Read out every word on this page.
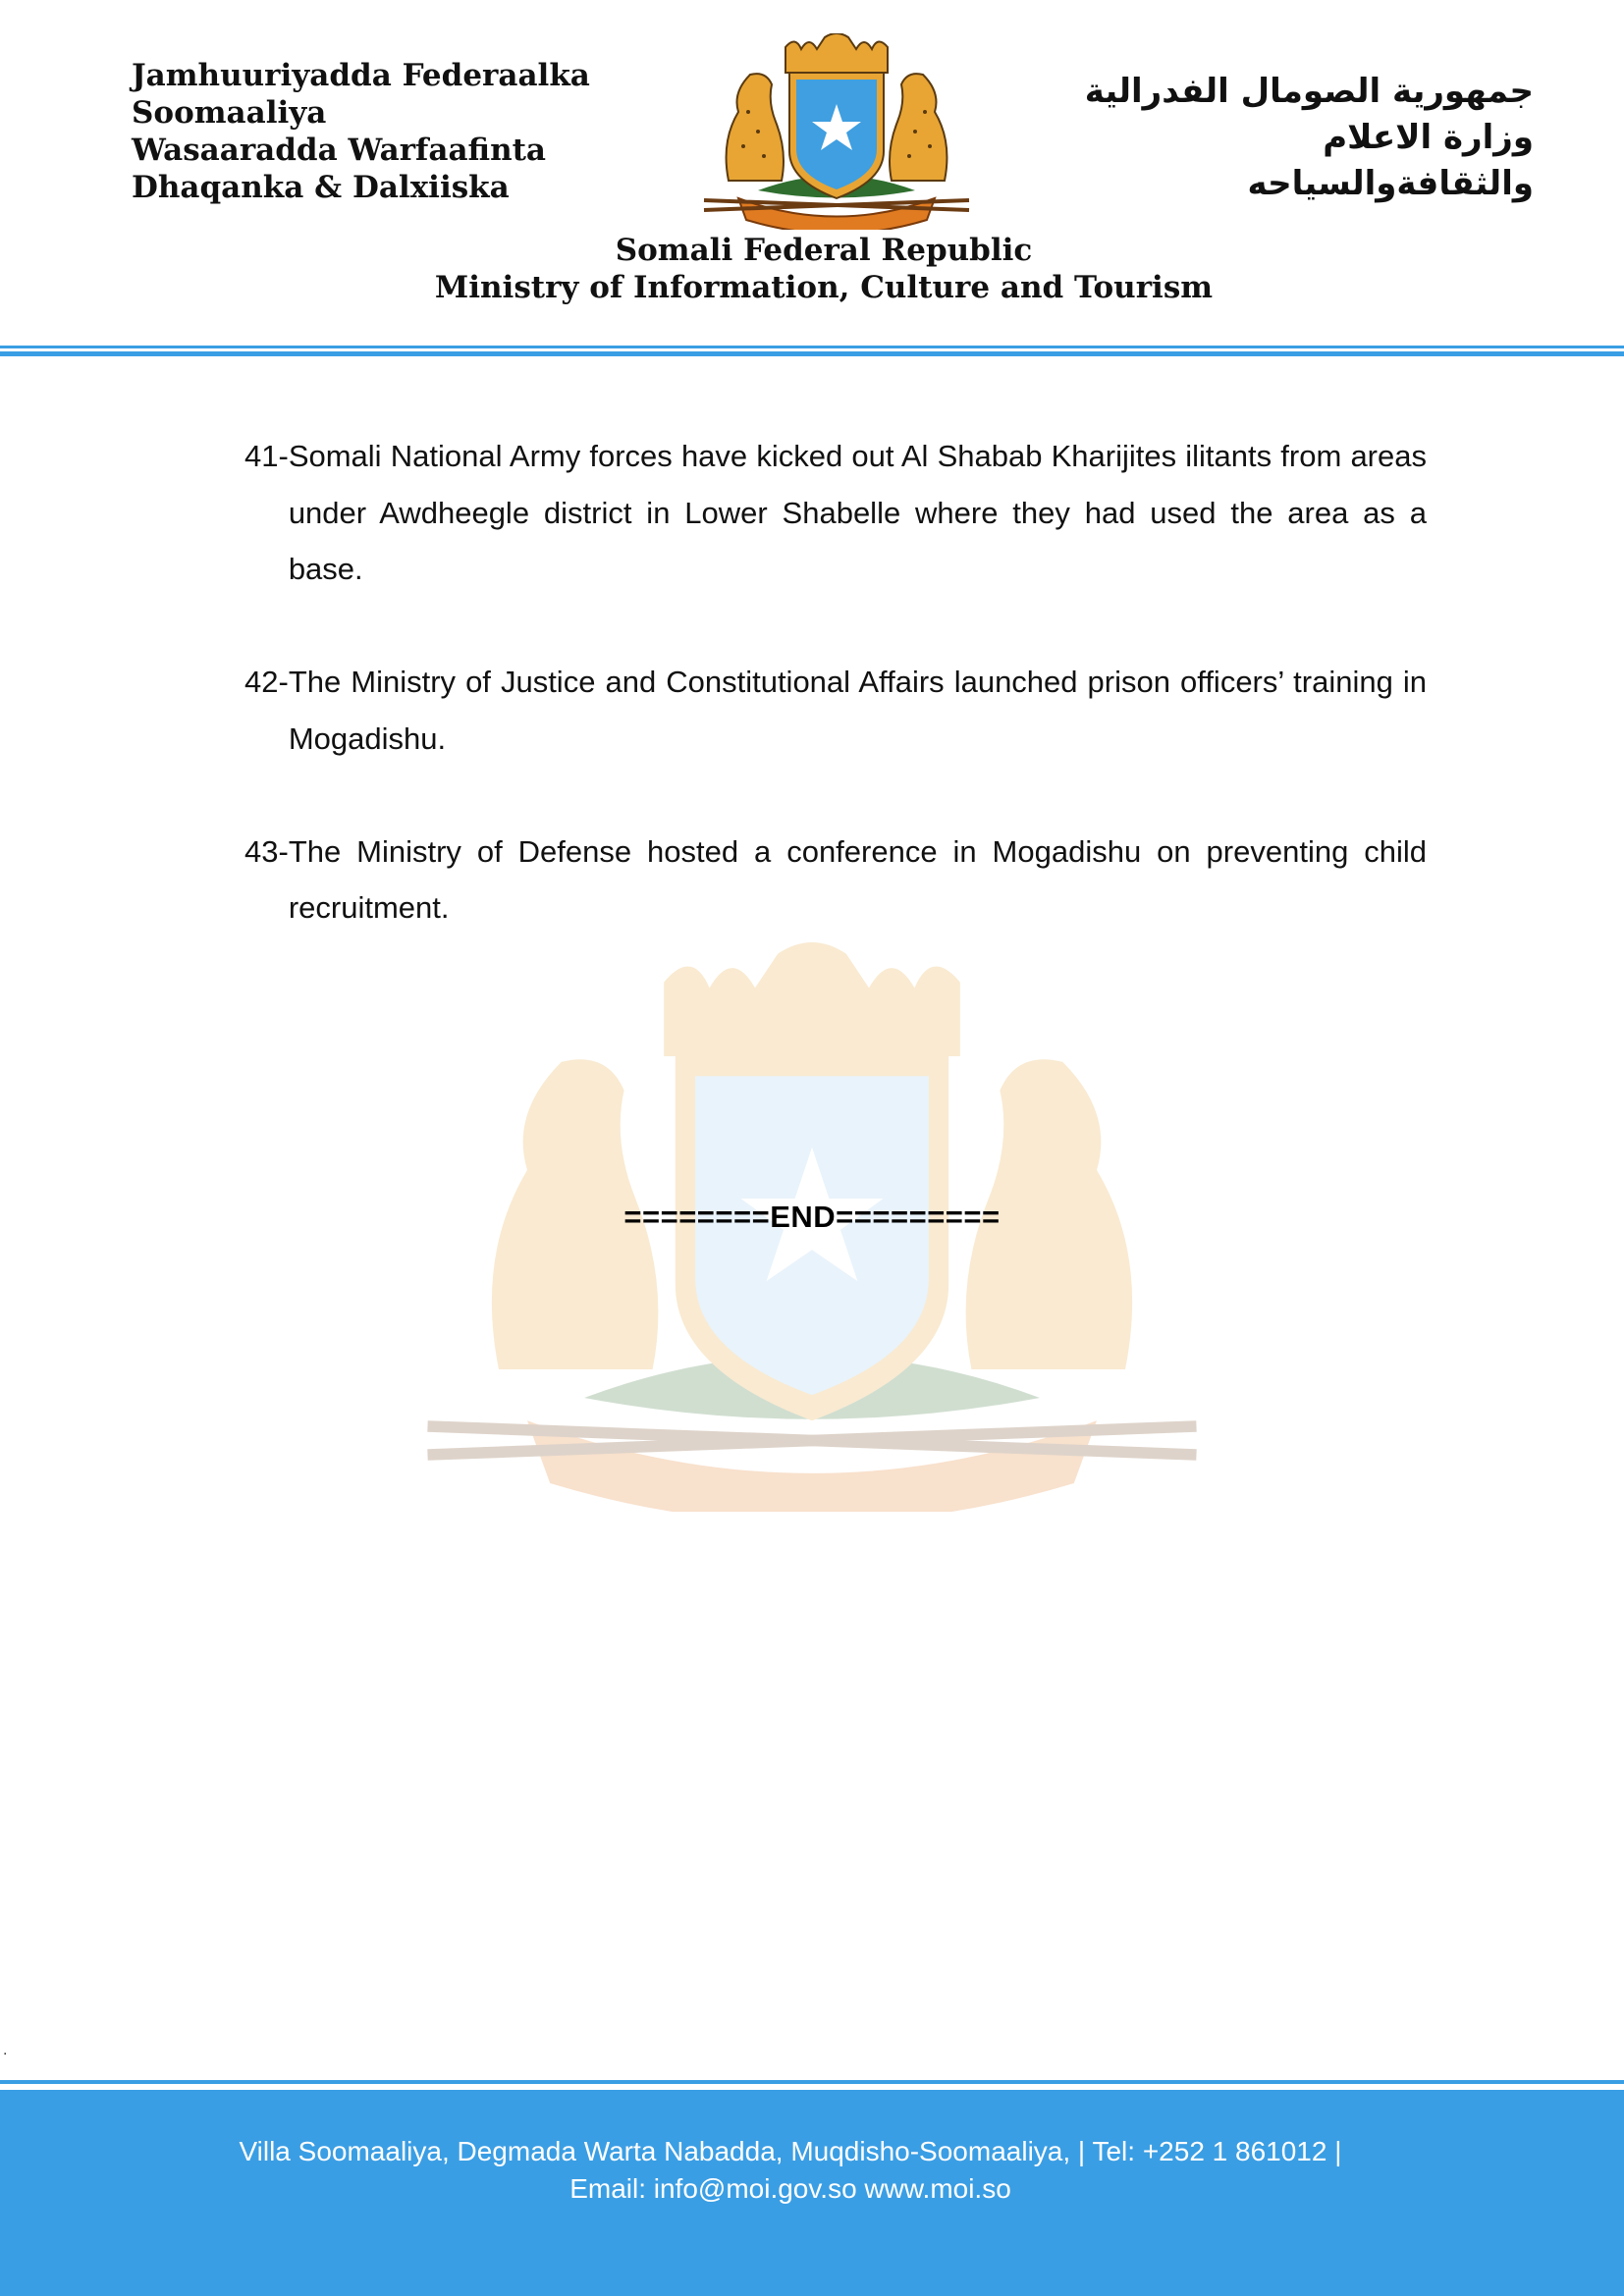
Jamhuuriyadda Federaalka
Soomaaliya
Wasaaradda Warfaafinta
Dhaqanka & Dalxiiska
جمهورية الصومال الفدرالية
وزارة الاعلام
والثقافةوالسياحه
Somali Federal Republic
Ministry of Information, Culture and Tourism
41- Somali National Army forces have kicked out Al Shabab Kharijites ilitants from areas under Awdheegle district in Lower Shabelle where they had used the area as a base.
42- The Ministry of Justice and Constitutional Affairs launched prison officers’ training in Mogadishu.
43- The Ministry of Defense hosted a conference in Mogadishu on preventing child recruitment.
========END=========
.
Villa Soomaaliya, Degmada Warta Nabadda, Muqdisho-Soomaaliya, | Tel: +252 1 861012 |
Email: info@moi.gov.so www.moi.so
